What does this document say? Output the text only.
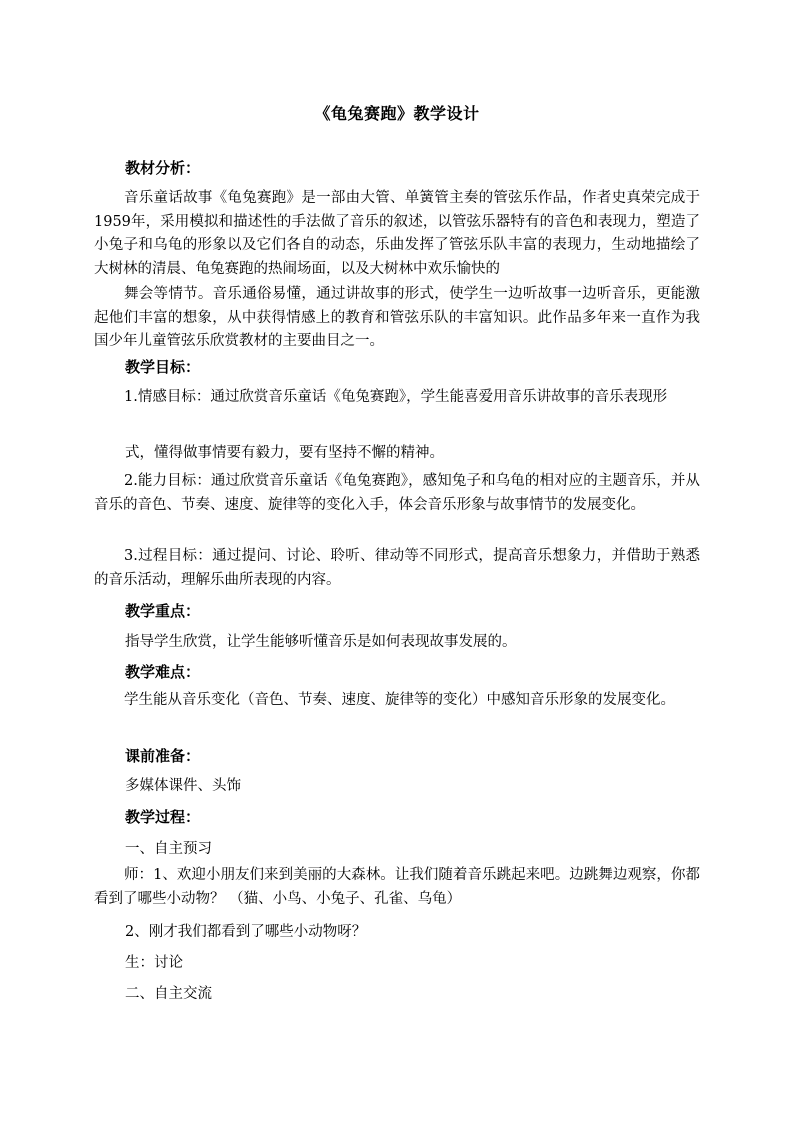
《龟兔赛跑》教学设计
教材分析：
音乐童话故事《龟兔赛跑》是一部由大管、单簧管主奏的管弦乐作品，作者史真荣完成于1959年，采用模拟和描述性的手法做了音乐的叙述，以管弦乐器特有的音色和表现力，塑造了小兔子和乌龟的形象以及它们各自的动态，乐曲发挥了管弦乐队丰富的表现力，生动地描绘了大树林的清晨、龟兔赛跑的热闹场面，以及大树林中欢乐愉快的
舞会等情节。音乐通俗易懂，通过讲故事的形式，使学生一边听故事一边听音乐，更能激起他们丰富的想象，从中获得情感上的教育和管弦乐队的丰富知识。此作品多年来一直作为我国少年儿童管弦乐欣赏教材的主要曲目之一。
教学目标：
1.情感目标：通过欣赏音乐童话《龟兔赛跑》，学生能喜爱用音乐讲故事的音乐表现形
式，懂得做事情要有毅力，要有坚持不懈的精神。
2.能力目标：通过欣赏音乐童话《龟兔赛跑》，感知兔子和乌龟的相对应的主题音乐，并从音乐的音色、节奏、速度、旋律等的变化入手，体会音乐形象与故事情节的发展变化。
3.过程目标：通过提问、讨论、聆听、律动等不同形式，提高音乐想象力，并借助于熟悉的音乐活动，理解乐曲所表现的内容。
教学重点：
指导学生欣赏，让学生能够听懂音乐是如何表现故事发展的。
教学难点：
学生能从音乐变化（音色、节奏、速度、旋律等的变化）中感知音乐形象的发展变化。
课前准备：
多媒体课件、头饰
教学过程：
一、自主预习
师：1、欢迎小朋友们来到美丽的大森林。让我们随着音乐跳起来吧。边跳舞边观察，你都看到了哪些小动物？ （猫、小鸟、小兔子、孔雀、乌龟）
2、刚才我们都看到了哪些小动物呀？
生：讨论
二、自主交流
